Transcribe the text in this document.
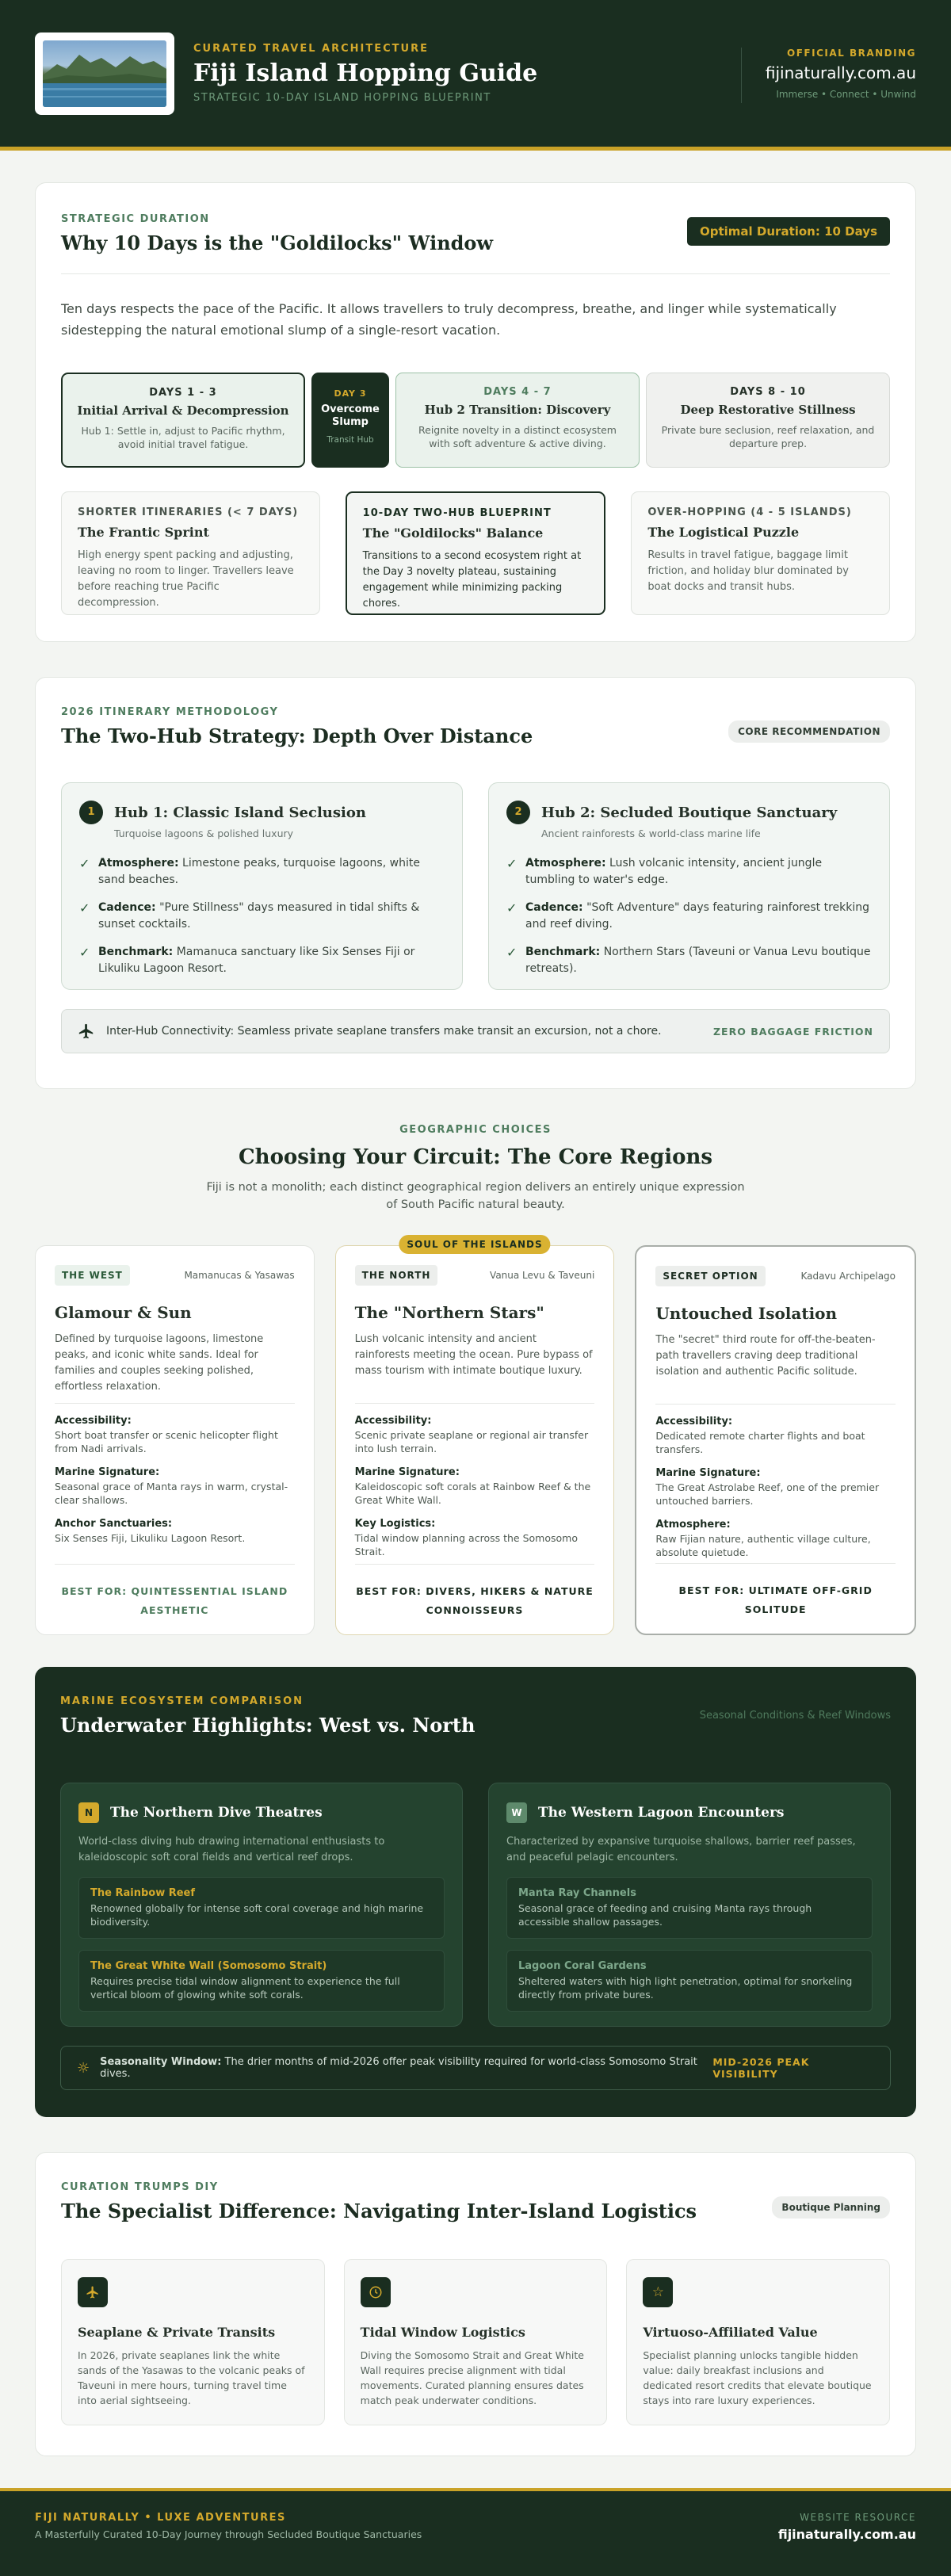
CURATED TRAVEL ARCHITECTURE
Fiji Island Hopping Guide
STRATEGIC 10-DAY ISLAND HOPPING BLUEPRINT
OFFICIAL BRANDING
fijinaturally.com.au
Immerse • Connect • Unwind
STRATEGIC DURATION
Why 10 Days is the "Goldilocks" Window	Optimal Duration: 10 Days
Ten days respects the pace of the Pacific. It allows travellers to truly decompress, breathe, and linger while systematically sidestepping the natural emotional slump of a single-resort vacation.
DAYS 1 - 3
Initial Arrival & Decompression
Hub 1: Settle in, adjust to Pacific rhythm, avoid initial travel fatigue.
DAY 3
Overcome Slump
Transit Hub
DAYS 4 - 7
Hub 2 Transition: Discovery
Reignite novelty in a distinct ecosystem with soft adventure & active diving.
DAYS 8 - 10
Deep Restorative Stillness
Private bure seclusion, reef relaxation, and departure prep.
SHORTER ITINERARIES (< 7 DAYS)
The Frantic Sprint
High energy spent packing and adjusting, leaving no room to linger. Travellers leave before reaching true Pacific decompression.
10-DAY TWO-HUB BLUEPRINT
The "Goldilocks" Balance
Transitions to a second ecosystem right at the Day 3 novelty plateau, sustaining engagement while minimizing packing chores.
OVER-HOPPING (4 - 5 ISLANDS)
The Logistical Puzzle
Results in travel fatigue, baggage limit friction, and holiday blur dominated by boat docks and transit hubs.
2026 ITINERARY METHODOLOGY
The Two-Hub Strategy: Depth Over Distance	CORE RECOMMENDATION
1	Hub 1: Classic Island Seclusion
Turquoise lagoons & polished luxury
✓ Atmosphere: Limestone peaks, turquoise lagoons, white sand beaches.
✓ Cadence: "Pure Stillness" days measured in tidal shifts & sunset cocktails.
✓ Benchmark: Mamanuca sanctuary like Six Senses Fiji or Likuliku Lagoon Resort.
2	Hub 2: Secluded Boutique Sanctuary
Ancient rainforests & world-class marine life
✓ Atmosphere: Lush volcanic intensity, ancient jungle tumbling to water's edge.
✓ Cadence: "Soft Adventure" days featuring rainforest trekking and reef diving.
✓ Benchmark: Northern Stars (Taveuni or Vanua Levu boutique retreats).
Inter-Hub Connectivity: Seamless private seaplane transfers make transit an excursion, not a chore.	ZERO BAGGAGE FRICTION
GEOGRAPHIC CHOICES
Choosing Your Circuit: The Core Regions
Fiji is not a monolith; each distinct geographical region delivers an entirely unique expression
of South Pacific natural beauty.
THE WEST	Mamanucas & Yasawas
Glamour & Sun
Defined by turquoise lagoons, limestone peaks, and iconic white sands. Ideal for families and couples seeking polished, effortless relaxation.
Accessibility:
Short boat transfer or scenic helicopter flight from Nadi arrivals.
Marine Signature:
Seasonal grace of Manta rays in warm, crystal-clear shallows.
Anchor Sanctuaries:
Six Senses Fiji, Likuliku Lagoon Resort.
BEST FOR: QUINTESSENTIAL ISLAND
AESTHETIC
SOUL OF THE ISLANDS
THE NORTH	Vanua Levu & Taveuni
The "Northern Stars"
Lush volcanic intensity and ancient rainforests meeting the ocean. Pure bypass of mass tourism with intimate boutique luxury.
Accessibility:
Scenic private seaplane or regional air transfer into lush terrain.
Marine Signature:
Kaleidoscopic soft corals at Rainbow Reef & the Great White Wall.
Key Logistics:
Tidal window planning across the Somosomo Strait.
BEST FOR: DIVERS, HIKERS & NATURE
CONNOISSEURS
SECRET OPTION	Kadavu Archipelago
Untouched Isolation
The "secret" third route for off-the-beaten-path travellers craving deep traditional isolation and authentic Pacific solitude.
Accessibility:
Dedicated remote charter flights and boat transfers.
Marine Signature:
The Great Astrolabe Reef, one of the premier untouched barriers.
Atmosphere:
Raw Fijian nature, authentic village culture, absolute quietude.
BEST FOR: ULTIMATE OFF-GRID SOLITUDE
MARINE ECOSYSTEM COMPARISON
Underwater Highlights: West vs. North	Seasonal Conditions & Reef Windows
N	The Northern Dive Theatres
World-class diving hub drawing international enthusiasts to kaleidoscopic soft coral fields and vertical reef drops.
The Rainbow Reef
Renowned globally for intense soft coral coverage and high marine biodiversity.
The Great White Wall (Somosomo Strait)
Requires precise tidal window alignment to experience the full vertical bloom of glowing white soft corals.
W	The Western Lagoon Encounters
Characterized by expansive turquoise shallows, barrier reef passes, and peaceful pelagic encounters.
Manta Ray Channels
Seasonal grace of feeding and cruising Manta rays through accessible shallow passages.
Lagoon Coral Gardens
Sheltered waters with high light penetration, optimal for snorkeling directly from private bures.
☼ Seasonality Window: The drier months of mid-2026 offer peak visibility required for world-class Somosomo Strait dives.
MID-2026 PEAK VISIBILITY
CURATION TRUMPS DIY
The Specialist Difference: Navigating Inter-Island Logistics	Boutique Planning
Seaplane & Private Transits
In 2026, private seaplanes link the white sands of the Yasawas to the volcanic peaks of Taveuni in mere hours, turning travel time into aerial sightseeing.
Tidal Window Logistics
Diving the Somosomo Strait and Great White Wall requires precise alignment with tidal movements. Curated planning ensures dates match peak underwater conditions.
☆
Virtuoso-Affiliated Value
Specialist planning unlocks tangible hidden value: daily breakfast inclusions and dedicated resort credits that elevate boutique stays into rare luxury experiences.
FIJI NATURALLY • LUXE ADVENTURES
A Masterfully Curated 10-Day Journey through Secluded Boutique Sanctuaries
WEBSITE RESOURCE
fijinaturally.com.au
